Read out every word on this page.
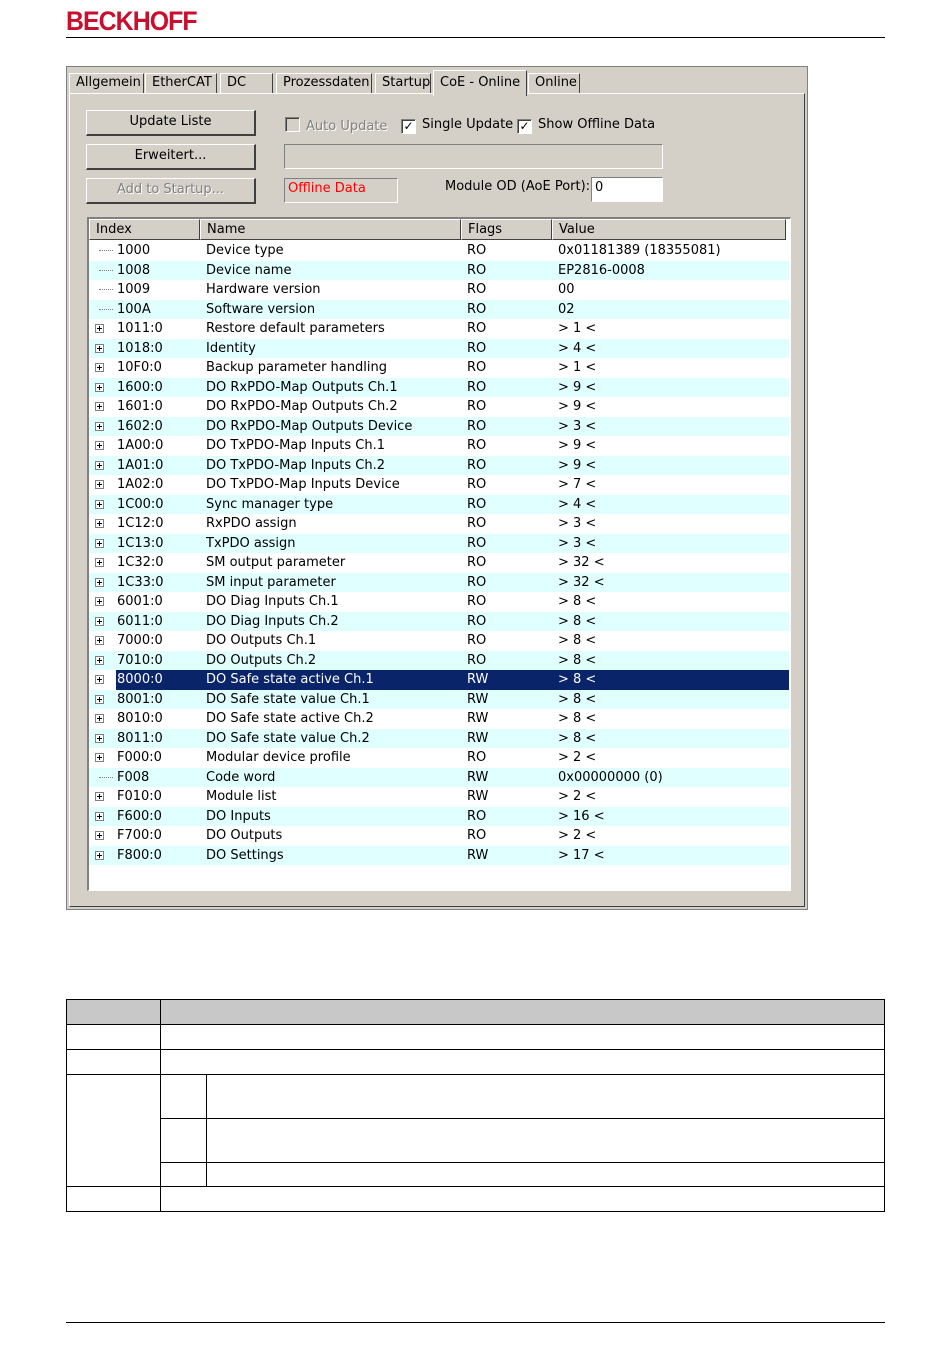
BECKHOFF
Allgemein EtherCAT	DC	Prozessdaten Startup CoE - Online	Online
Update Liste
Erweitert...
Add to Startup...
Auto Update ✓ Single Update ✓ Show Offline Data
Offline Data	Module OD (AoE Port): 0
Index	Name	Flags	Value
1000	Device type	RO	0x01181389 (18355081)
1008	Device name	RO	EP2816-0008
1009	Hardware version	RO	00
100A	Software version	RO	02
1011:0	Restore default parameters	RO	> 1 <
1018:0	Identity	RO	> 4 <
10F0:0	Backup parameter handling	RO	> 1 <
1600:0	DO RxPDO-Map Outputs Ch.1	RO	> 9 <
1601:0	DO RxPDO-Map Outputs Ch.2	RO	> 9 <
1602:0	DO RxPDO-Map Outputs Device	RO	> 3 <
1A00:0	DO TxPDO-Map Inputs Ch.1	RO	> 9 <
1A01:0	DO TxPDO-Map Inputs Ch.2	RO	> 9 <
1A02:0	DO TxPDO-Map Inputs Device	RO	> 7 <
1C00:0	Sync manager type	RO	> 4 <
1C12:0	RxPDO assign	RO	> 3 <
1C13:0	TxPDO assign	RO	> 3 <
1C32:0	SM output parameter	RO	> 32 <
1C33:0	SM input parameter	RO	> 32 <
6001:0	DO Diag Inputs Ch.1	RO	> 8 <
6011:0	DO Diag Inputs Ch.2	RO	> 8 <
7000:0	DO Outputs Ch.1	RO	> 8 <
7010:0	DO Outputs Ch.2	RO	> 8 <
8000:0	DO Safe state active Ch.1	RW	> 8 <
8001:0	DO Safe state value Ch.1	RW	> 8 <
8010:0	DO Safe state active Ch.2	RW	> 8 <
8011:0	DO Safe state value Ch.2	RW	> 8 <
F000:0	Modular device profile	RO	> 2 <
F008	Code word	RW	0x00000000 (0)
F010:0	Module list	RW	> 2 <
F600:0	DO Inputs	RO	> 16 <
F700:0	DO Outputs	RO	> 2 <
F800:0	DO Settings	RW	> 17 <
